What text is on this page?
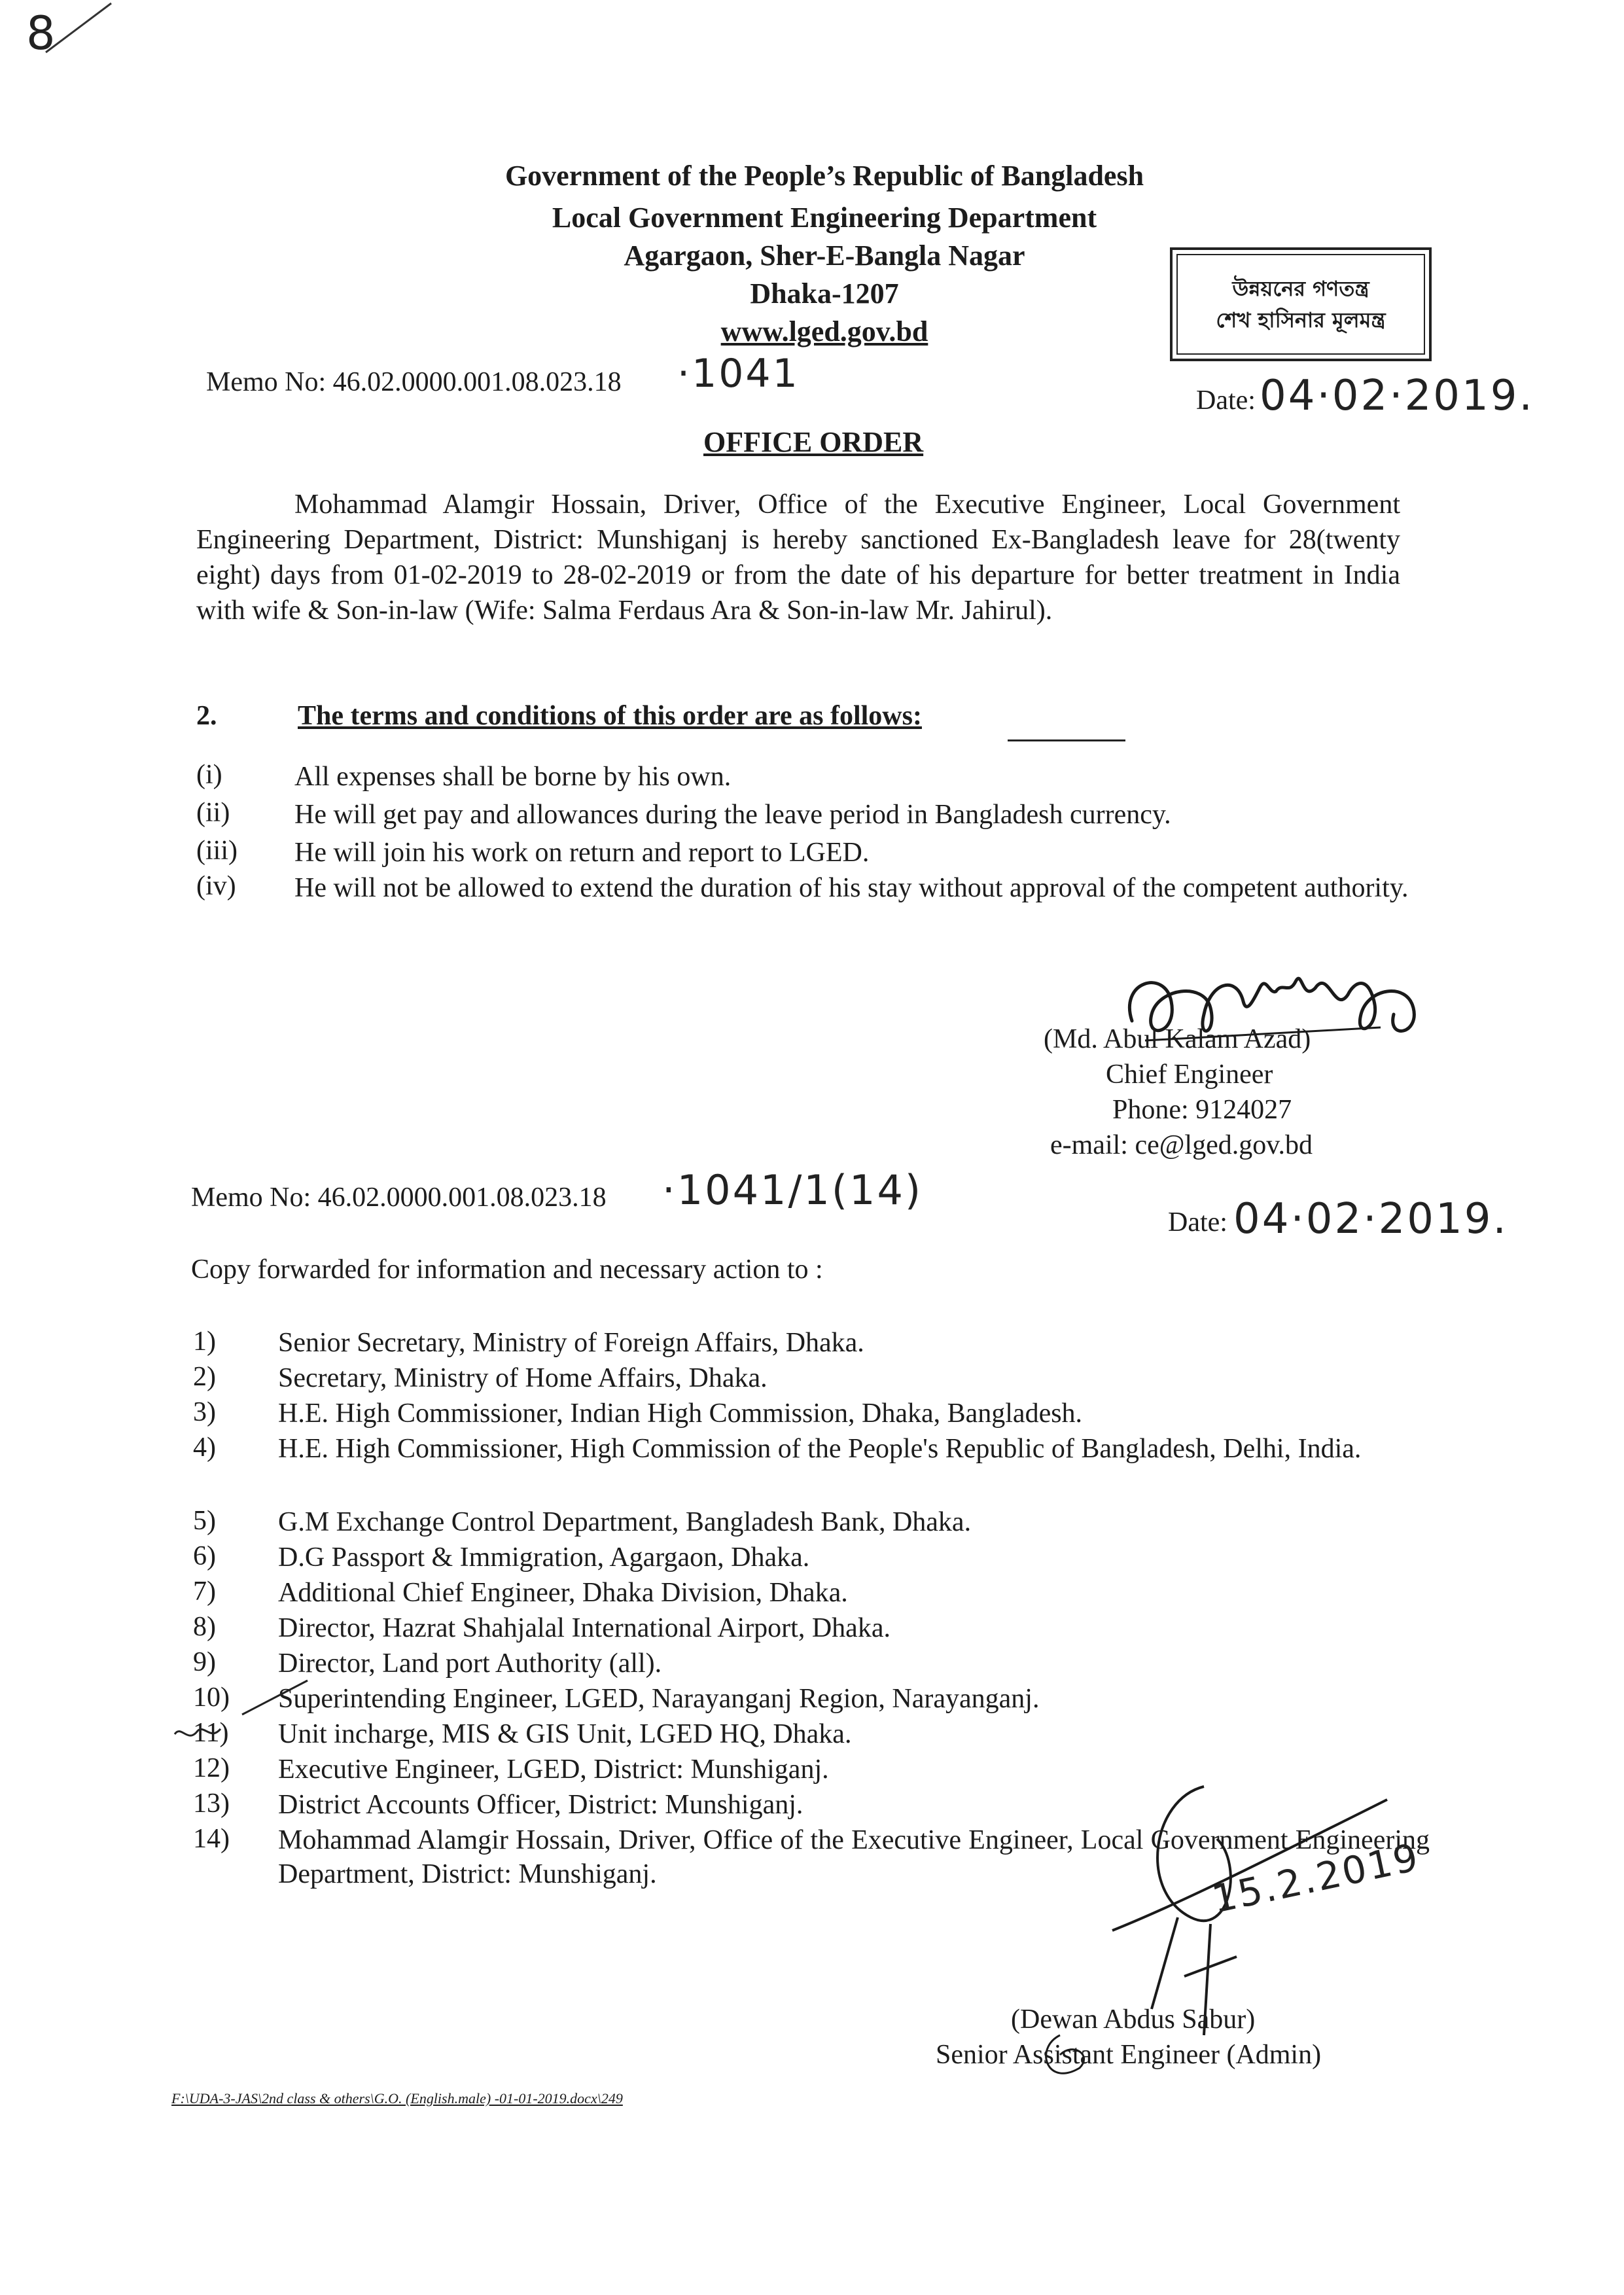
8
Government of the People’s Republic of Bangladesh
Local Government Engineering Department
Agargaon, Sher-E-Bangla Nagar
Dhaka-1207
www.lged.gov.bd
উন্নয়নের গণতন্ত্র
শেখ হাসিনার মূলমন্ত্র
Memo No: 46.02.0000.001.08.023.18 ·1041
Date: 04·02·2019.
OFFICE ORDER
Mohammad Alamgir Hossain, Driver, Office of the Executive Engineer, Local Government Engineering Department, District: Munshiganj is hereby sanctioned Ex-Bangladesh leave for 28(twenty eight) days from 01-02-2019 to 28-02-2019 or from the date of his departure for better treatment in India with wife & Son-in-law (Wife: Salma Ferdaus Ara & Son-in-law Mr. Jahirul).
2.	The terms and conditions of this order are as follows:
(i)	All expenses shall be borne by his own.
(ii) He will get pay and allowances during the leave period in Bangladesh currency.
(iii) He will join his work on return and report to LGED.
(iv) He will not be allowed to extend the duration of his stay without approval of the competent authority.
(Md. Abul Kalam Azad)
Chief Engineer
Phone: 9124027
e-mail: ce@lged.gov.bd
Memo No: 46.02.0000.001.08.023.18 ·1041/1(14)
Date: 04·02·2019.
Copy forwarded for information and necessary action to :
1) Senior Secretary, Ministry of Foreign Affairs, Dhaka.
2) Secretary, Ministry of Home Affairs, Dhaka.
3) H.E. High Commissioner, Indian High Commission, Dhaka, Bangladesh.
4) H.E. High Commissioner, High Commission of the People's Republic of Bangladesh, Delhi, India.
5) G.M Exchange Control Department, Bangladesh Bank, Dhaka.
6) D.G Passport & Immigration, Agargaon, Dhaka.
7) Additional Chief Engineer, Dhaka Division, Dhaka.
8) Director, Hazrat Shahjalal International Airport, Dhaka.
9) Director, Land port Authority (all).
10) Superintending Engineer, LGED, Narayanganj Region, Narayanganj.
11) Unit incharge, MIS & GIS Unit, LGED HQ, Dhaka.
12) Executive Engineer, LGED, District: Munshiganj.
13) District Accounts Officer, District: Munshiganj.
14) Mohammad Alamgir Hossain, Driver, Office of the Executive Engineer, Local Government Engineering Department, District: Munshiganj.	15.2.2019
(Dewan Abdus Sabur)
Senior Assistant Engineer (Admin)
F:\UDA-3-JAS\2nd class & others\G.O. (English.male) -01-01-2019.docx\249
